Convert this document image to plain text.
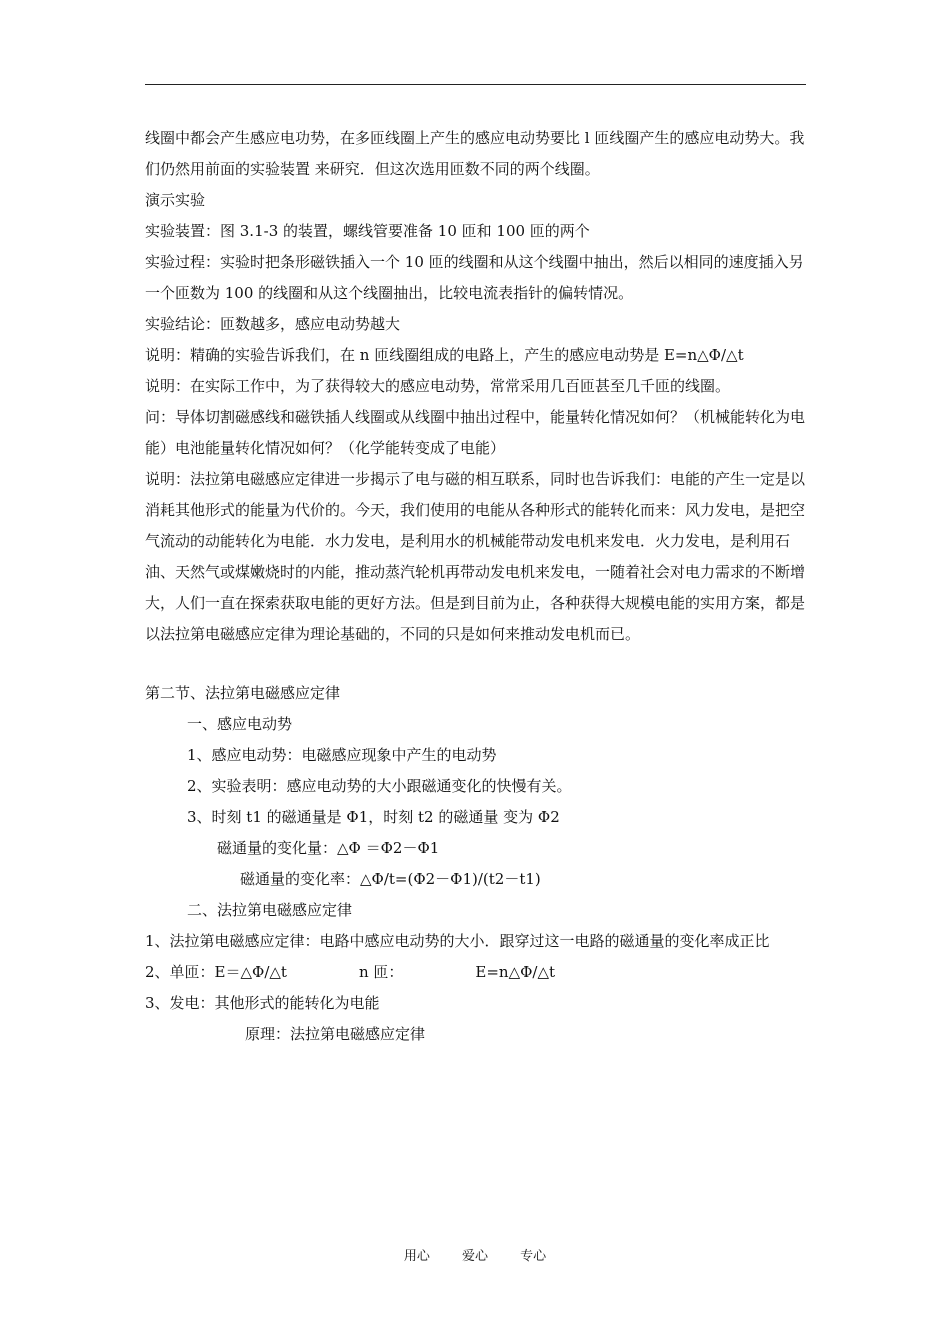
线圈中都会产生感应电功势，在多匝线圈上产生的感应电动势要比 l 匝线圈产生的感应电动势大。我们仍然用前面的实验装置 来研究．但这次选用匝数不同的两个线圈。

演示实验

实验装置：图 3.1-3 的装置，螺线管要准备 10 匝和 100 匝的两个

实验过程：实验时把条形磁铁插入一个 10 匝的线圈和从这个线圈中抽出，然后以相同的速度插入另一个匝数为 100 的线圈和从这个线圈抽出，比较电流表指针的偏转情况。

实验结论：匝数越多，感应电动势越大

说明：精确的实验告诉我们，在 n 匝线圈组成的电路上，产生的感应电动势是 E=n△Φ/△t

说明：在实际工作中，为了获得较大的感应电动势，常常采用几百匝甚至几千匝的线圈。

问：导体切割磁感线和磁铁插人线圈或从线圈中抽出过程中，能量转化情况如何？（机械能转化为电能）电池能量转化情况如何？（化学能转变成了电能）

说明：法拉第电磁感应定律进一步揭示了电与磁的相互联系，同时也告诉我们：电能的产生一定是以消耗其他形式的能量为代价的。今天，我们使用的电能从各种形式的能转化而来：风力发电，是把空气流动的动能转化为电能．水力发电，是利用水的机械能带动发电机来发电．火力发电，是利用石油、天然气或煤嫩烧时的内能，推动蒸汽轮机再带动发电机来发电，一随着社会对电力需求的不断增大，人们一直在探索获取电能的更好方法。但是到目前为止，各种获得大规模电能的实用方案，都是以法拉第电磁感应定律为理论基础的，不同的只是如何来推动发电机而已。

第二节、法拉第电磁感应定律

一、感应电动势

1、感应电动势：电磁感应现象中产生的电动势

2、实验表明：感应电动势的大小跟磁通变化的快慢有关。

3、时刻 t1 的磁通量是 Φ1，时刻 t2 的磁通量 变为 Φ2

磁通量的变化量：△Φ ＝Φ2－Φ1

磁通量的变化率：△Φ/t=(Φ2－Φ1)/(t2－t1)

二、法拉第电磁感应定律

1、法拉第电磁感应定律：电路中感应电动势的大小．跟穿过这一电路的磁通量的变化率成正比

2、单匝：E＝△Φ/△t	n 匝：	E=n△Φ/△t

3、发电：其他形式的能转化为电能

原理：法拉第电磁感应定律

用心 爱心 专心
